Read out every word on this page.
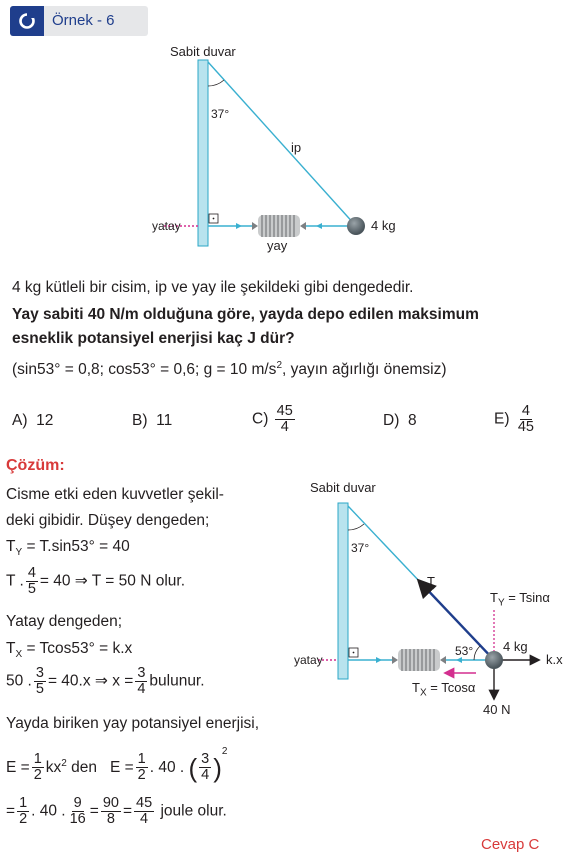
Örnek - 6
Sabit duvar
37°
ip
yatay
yay
4 kg
4 kg kütleli bir cisim, ip ve yay ile şekildeki gibi dengededir.
Yay sabiti 40 N/m olduğuna göre, yayda depo edilen maksimum
esneklik potansiyel enerjisi kaç J dür?
(sin53° = 0,8; cos53° = 0,6; g = 10 $m/s^2$, yayın ağırlığı önemsiz)
A) 12	B) 11	$C) \frac{45}{4}$	D) 8	$E) \frac{4}{45}$
Çözüm:
Cisme etki eden kuvvetler şekil-
deki gibidir. Düşey dengeden;
$T_Y = T.\sin 53^\circ = 40$
T . $\frac{4}{5} = 40$ ⇒ T = 50 N olur.
Yatay dengeden;
$T_X = Tcos53^\circ = k.x$
50 . $\frac{3}{5} = 40.x$ ⇒ $x = \frac{3}{4}$ bulunur.
Yayda biriken yay potansiyel enerjisi,
$E = \frac{1}{2} kx^2$ den $E = \frac{1}{2}$ . 40 . ( $\frac{3}{4} )^2$
= $\frac{1}{2}$ . 40 . $\frac{9}{16} = \frac{90}{8} = \frac{45}{4}$ joule olur.
Sabit duvar
37°
T
$T_Y = Tsin\alpha$
53° 4 kg
yatay	k.x
$T_X = Tcos\alpha$
40 N
Cevap C
